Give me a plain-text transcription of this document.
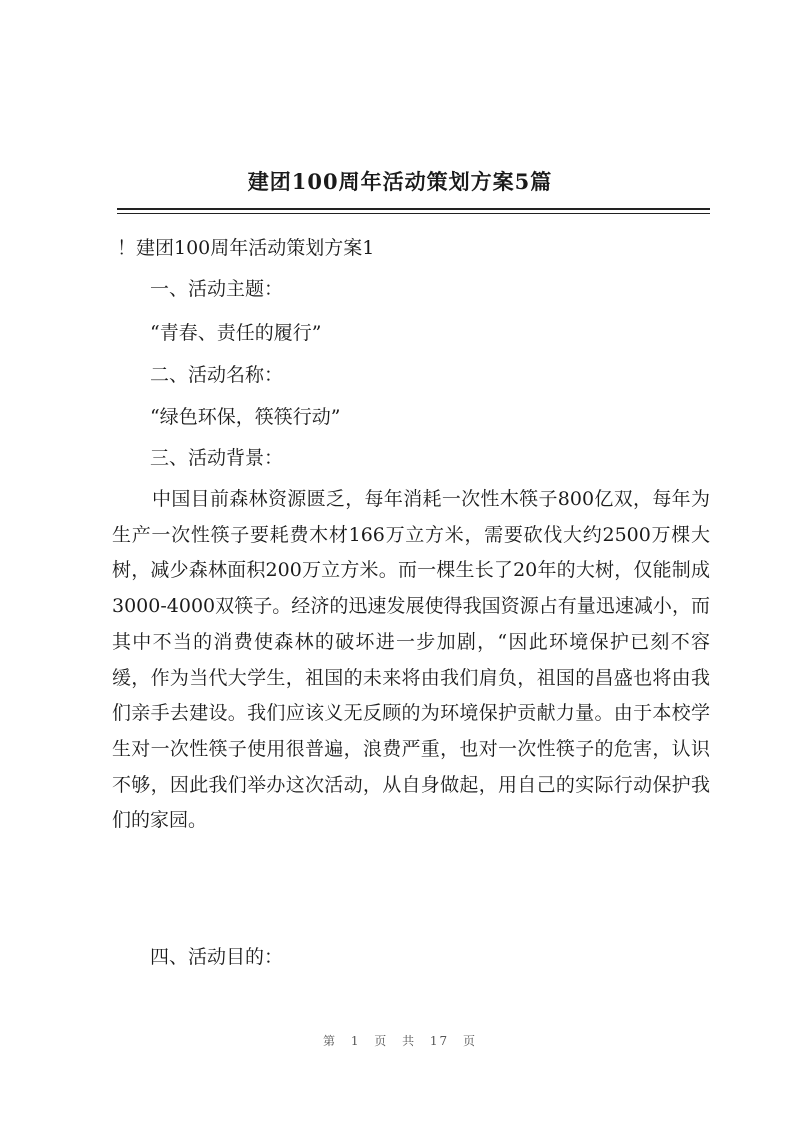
建团100周年活动策划方案5篇
！建团100周年活动策划方案1
一、活动主题：
“青春、责任的履行”
二、活动名称：
“绿色环保，筷筷行动”
三、活动背景：

中国目前森林资源匮乏，每年消耗一次性木筷子800亿双，每年为生产一次性筷子要耗费木材166万立方米，需要砍伐大约2500万棵大树，减少森林面积200万立方米。而一棵生长了20年的大树，仅能制成3000-4000双筷子。经济的迅速发展使得我国资源占有量迅速减小，而其中不当的消费使森林的破坏进一步加剧，“因此环境保护已刻不容缓，作为当代大学生，祖国的未来将由我们肩负，祖国的昌盛也将由我们亲手去建设。我们应该义无反顾的为环境保护贡献力量。由于本校学生对一次性筷子使用很普遍，浪费严重，也对一次性筷子的危害，认识不够，因此我们举办这次活动，从自身做起，用自己的实际行动保护我们的家园。

四、活动目的：
第 1 页 共 17 页
